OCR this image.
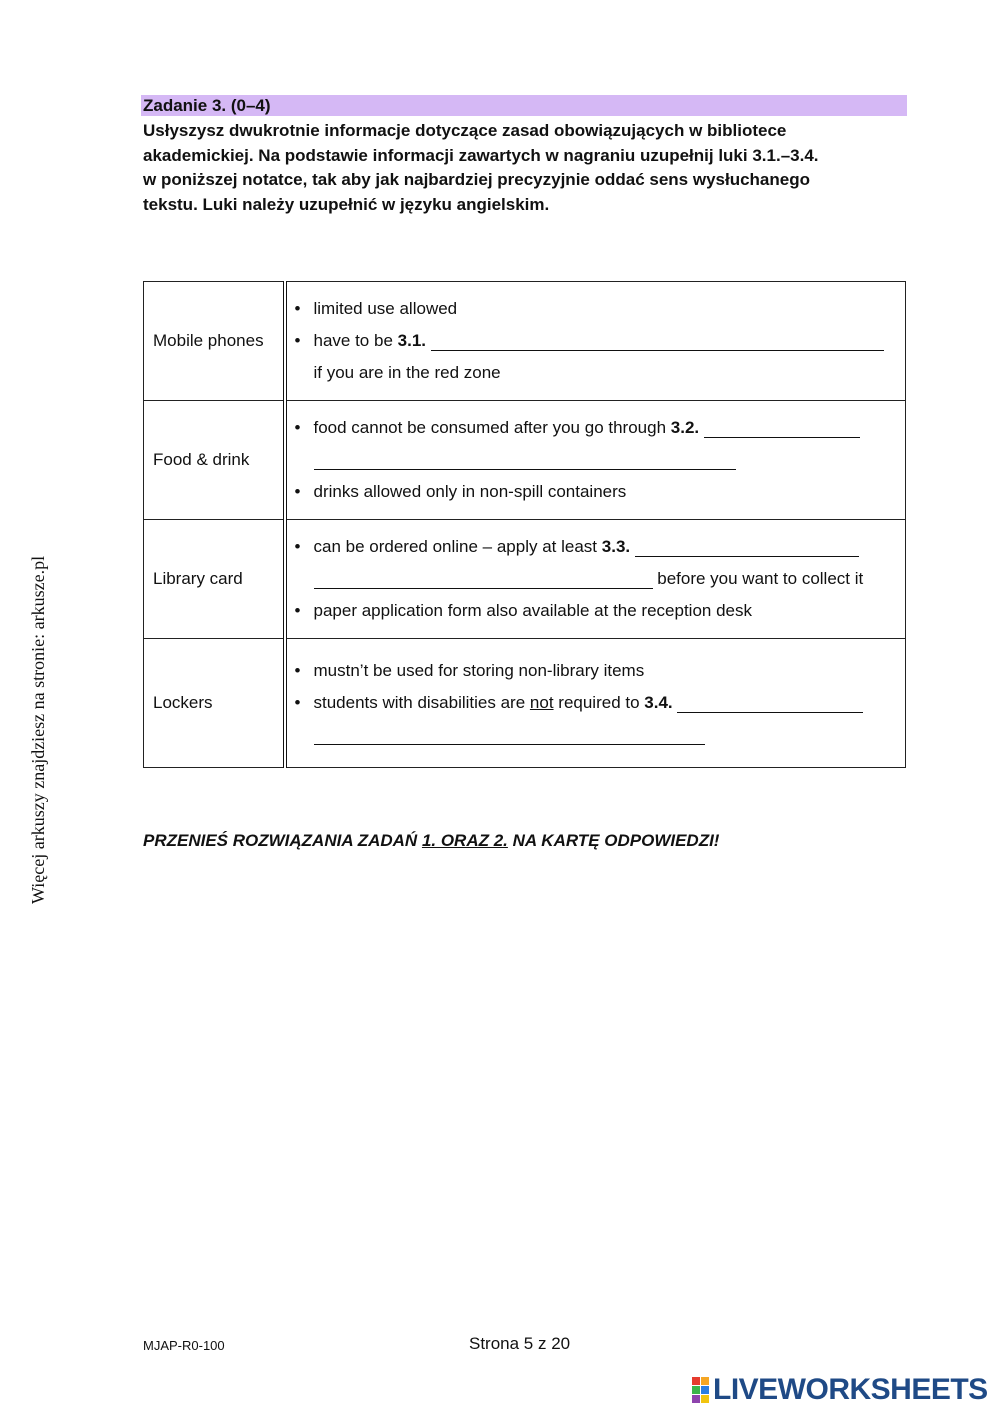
Zadanie 3. (0–4)
Usłyszysz dwukrotnie informacje dotyczące zasad obowiązujących w bibliotece
akademickiej. Na podstawie informacji zawartych w nagraniu uzupełnij luki 3.1.–3.4.
w poniższej notatce, tak aby jak najbardziej precyzyjnie oddać sens wysłuchanego
tekstu. Luki należy uzupełnić w języku angielskim.
Mobile phones	• limited use allowed
• have to be 3.1.
if you are in the red zone

Food & drink	• food cannot be consumed after you go through 3.2.
• drinks allowed only in non-spill containers

Library card	• can be ordered online – apply at least 3.3.
before you want to collect it
• paper application form also available at the reception desk

Lockers	• mustn’t be used for storing non-library items
• students with disabilities are not required to 3.4.
PRZENIEŚ ROZWIĄZANIA ZADAŃ 1. ORAZ 2. NA KARTĘ ODPOWIEDZI!
Więcej arkuszy znajdziesz na stronie: arkusze.pl
MJAP-R0-100	Strona 5 z 20
LIVEWORKSHEETS
